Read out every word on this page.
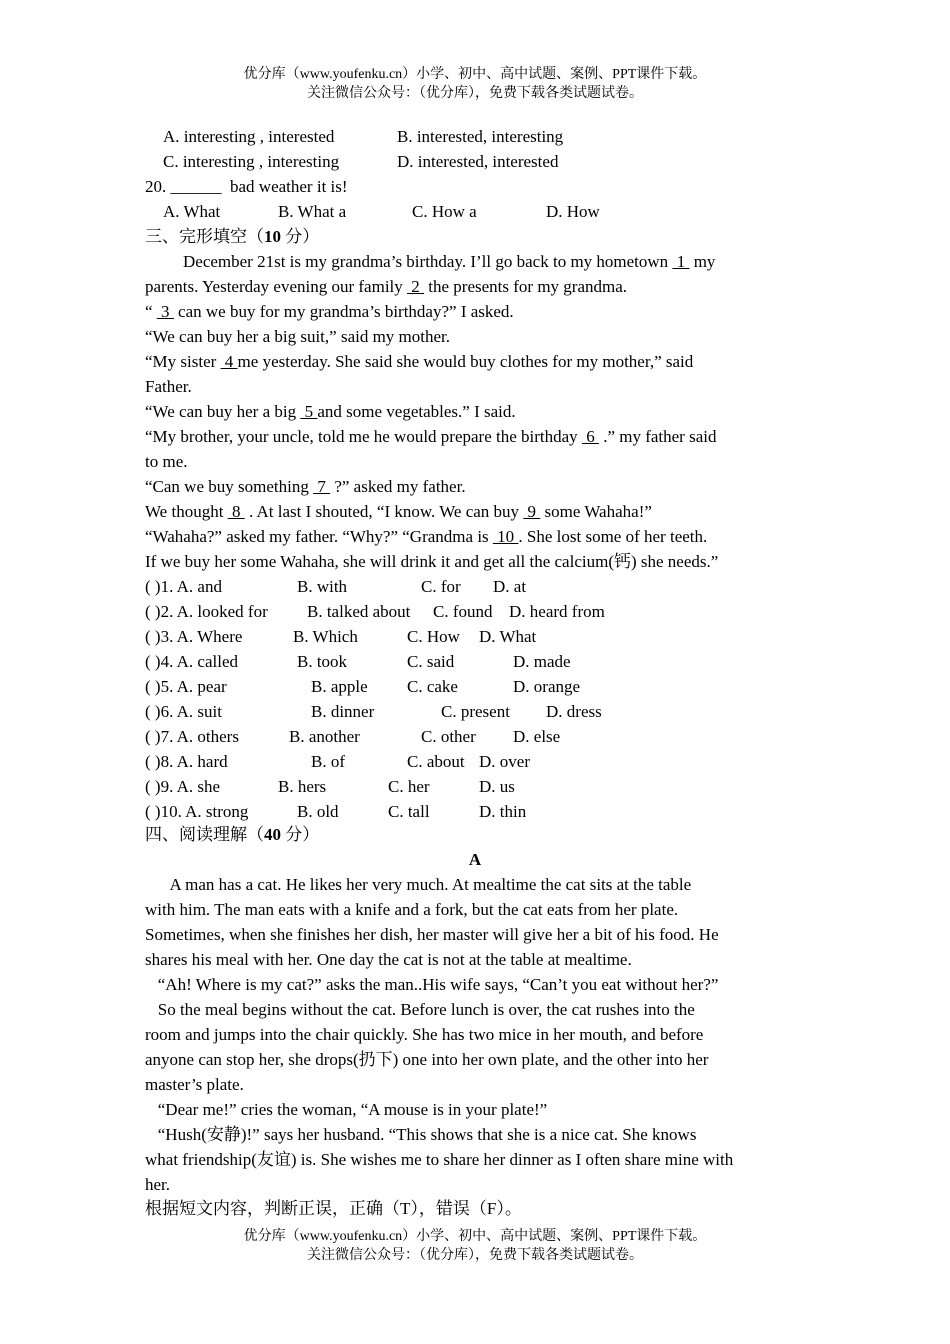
优分库（www.youfenku.cn）小学、初中、高中试题、案例、PPT课件下载。
关注微信公众号：（优分库），免费下载各类试题试卷。
A. interesting , interested	B. interested, interesting
C. interesting , interesting	D. interested, interested
20. ______  bad weather it is!
A. What	B. What a	C. How a	D. How
三、完形填空（10 分）
December 21st is my grandma’s birthday. I’ll go back to my hometown  1  my
parents. Yesterday evening our family  2  the presents for my grandma.
“  3  can we buy for my grandma’s birthday?” I asked.
“We can buy her a big suit,” said my mother.
“My sister  4 me yesterday. She said she would buy clothes for my mother,” said
Father.
“We can buy her a big  5 and some vegetables.” I said.
“My brother, your uncle, told me he would prepare the birthday  6  .” my father said
to me.
“Can we buy something  7  ?” asked my father.
We thought  8  . At last I shouted, “I know. We can buy  9  some Wahaha!”
“Wahaha?” asked my father. “Why?” “Grandma is  10 . She lost some of her teeth.
If we buy her some Wahaha, she will drink it and get all the calcium(钙) she needs.”
( )1. A. and	B. with	C. for D. at
( )2. A. looked for B. talked about C. found D. heard from
( )3. A. Where	B. Which	C. How D. What
( )4. A. called	B. took	C. said	D. made
( )5. A. pear	B. apple C. cake	D. orange
( )6. A. suit	B. dinner	C. present D. dress
( )7. A. others	B. another	C. other D. else
( )8. A. hard	B. of	C. about D. over
( )9. A. she	B. hers	C. her	D. us
( )10. A. strong	B. old	C. tall	D. thin
四、阅读理解（40 分）
A
A man has a cat. He likes her very much. At mealtime the cat sits at the table
with him. The man eats with a knife and a fork, but the cat eats from her plate.
Sometimes, when she finishes her dish, her master will give her a bit of his food. He
shares his meal with her. One day the cat is not at the table at mealtime.
“Ah! Where is my cat?” asks the man..His wife says, “Can’t you eat without her?”
So the meal begins without the cat. Before lunch is over, the cat rushes into the
room and jumps into the chair quickly. She has two mice in her mouth, and before
anyone can stop her, she drops(扔下) one into her own plate, and the other into her
master’s plate.
“Dear me!” cries the woman, “A mouse is in your plate!”
“Hush(安静)!” says her husband. “This shows that she is a nice cat. She knows
what friendship(友谊) is. She wishes me to share her dinner as I often share mine with
her.
根据短文内容，判断正误，正确（T），错误（F）。
优分库（www.youfenku.cn）小学、初中、高中试题、案例、PPT课件下载。
关注微信公众号：（优分库），免费下载各类试题试卷。
